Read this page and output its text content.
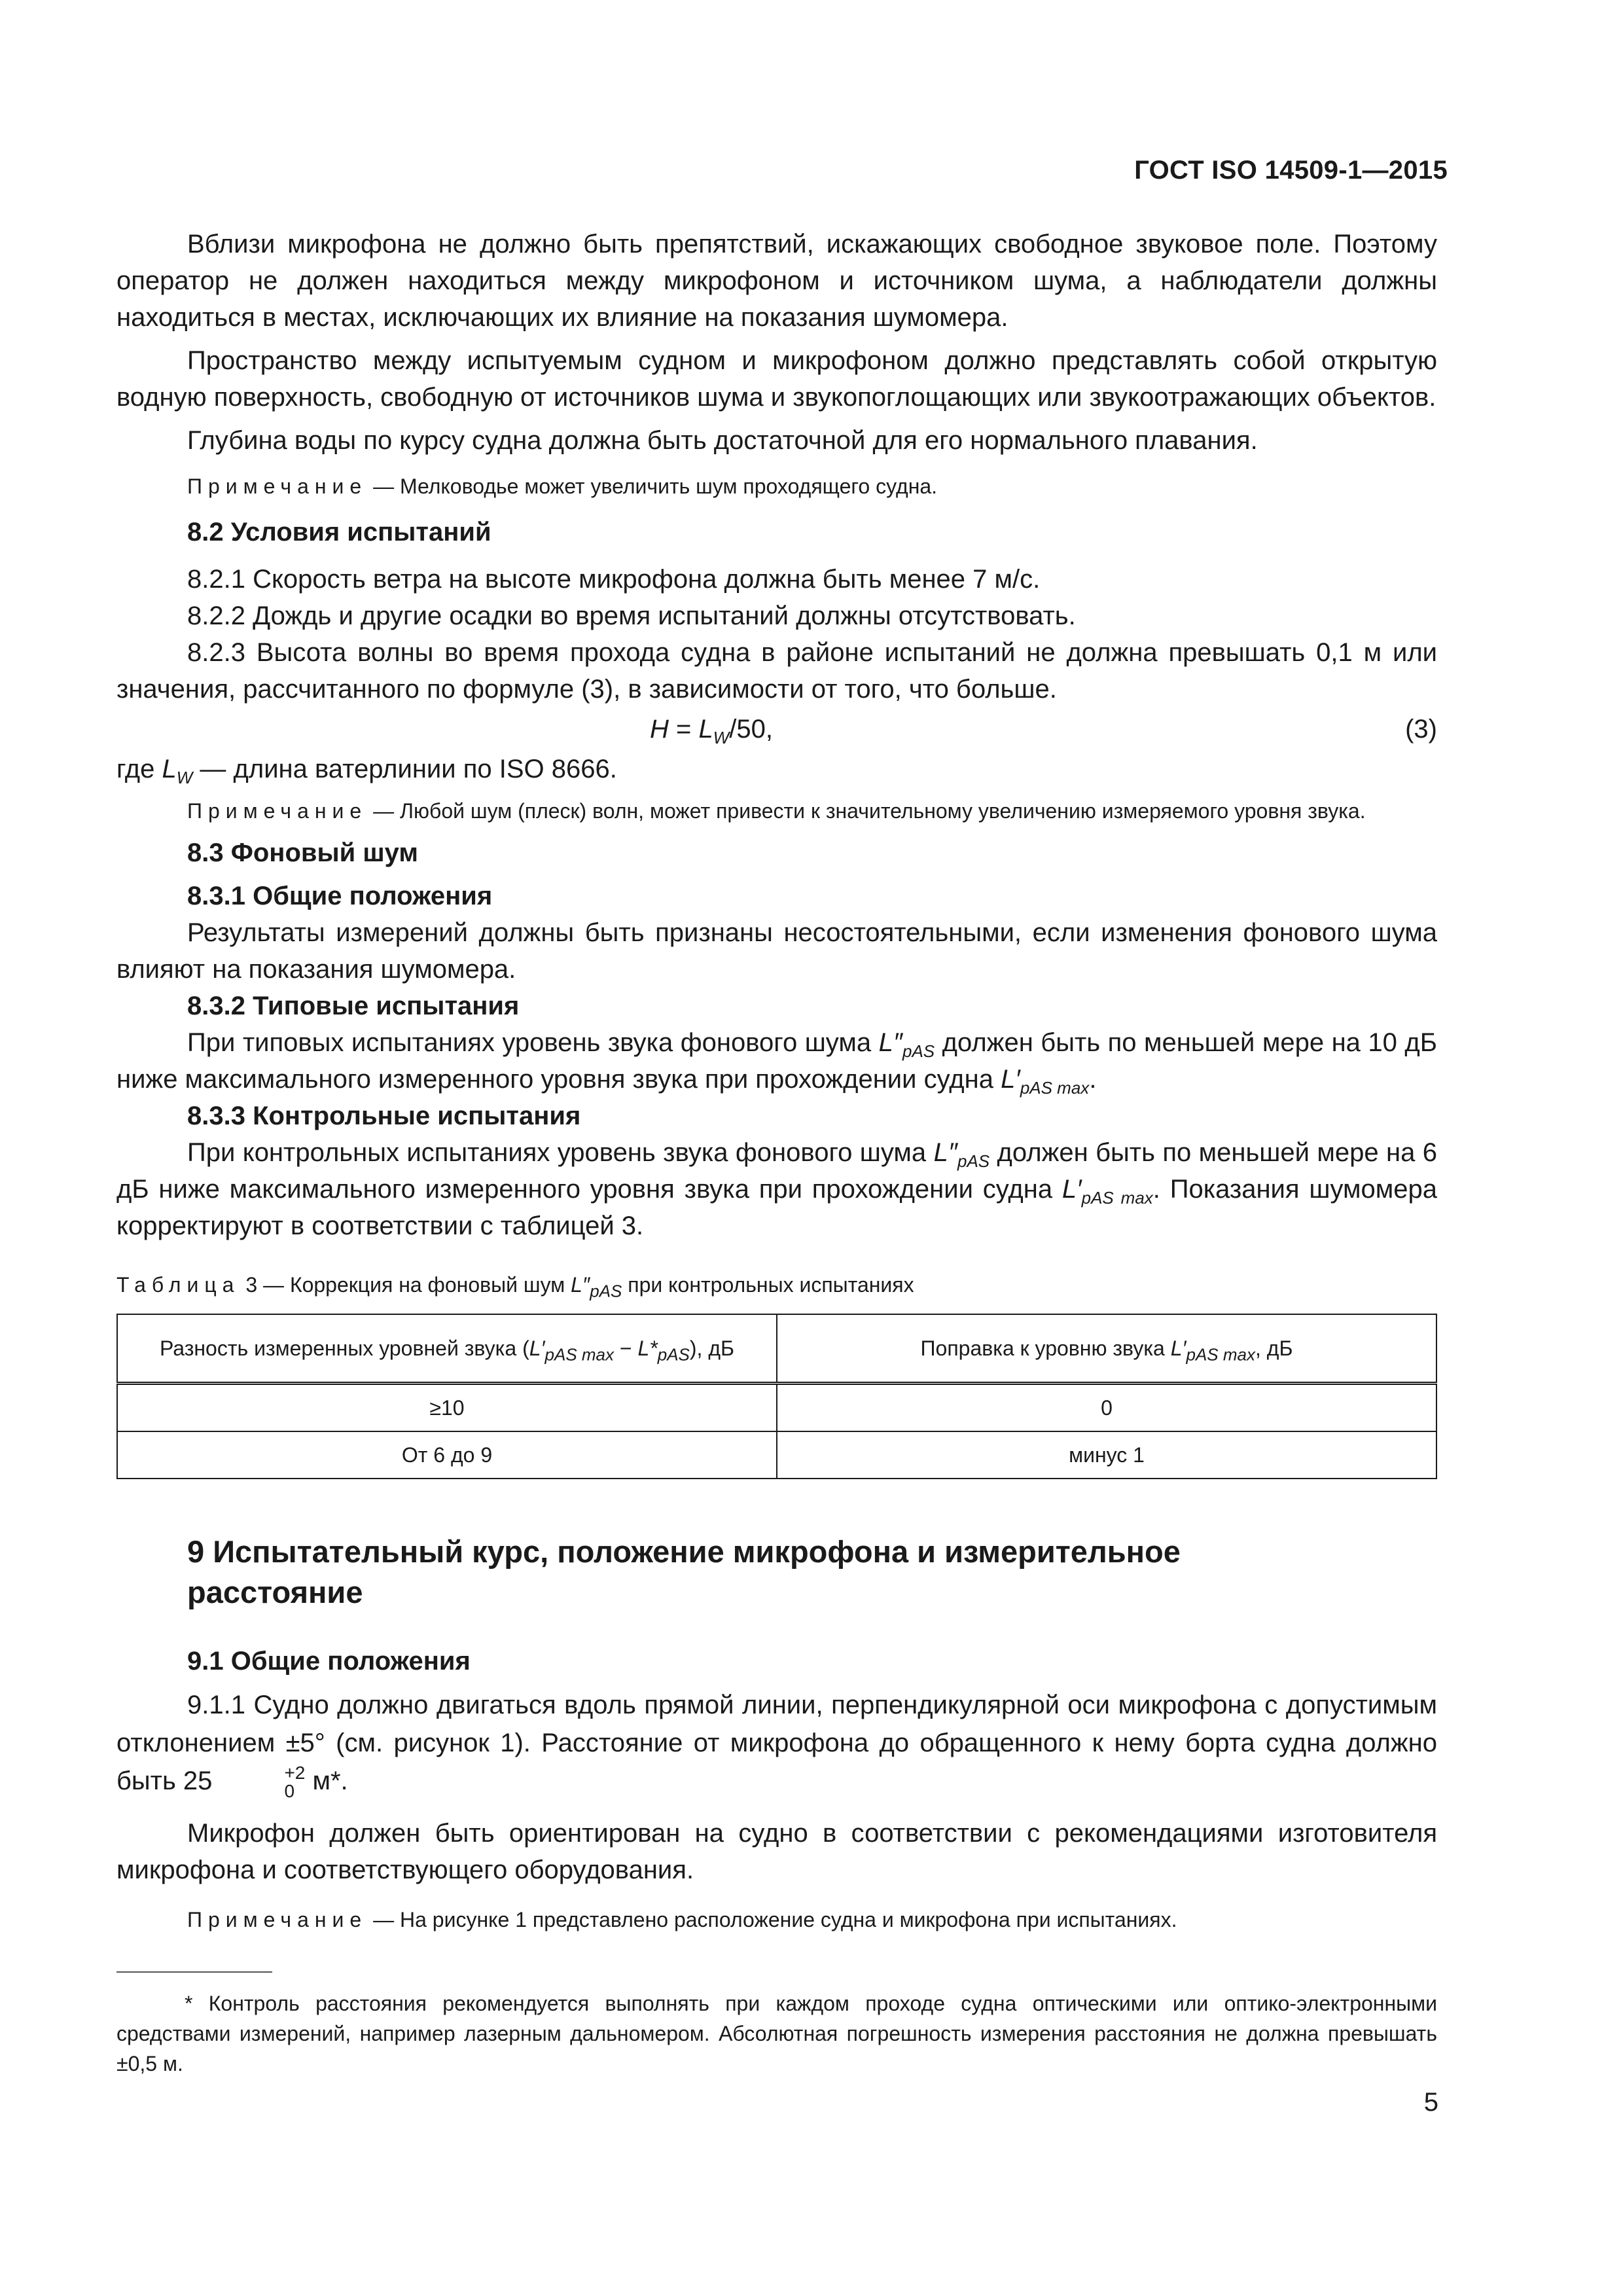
ГОСТ ISO 14509-1—2015

Вблизи микрофона не должно быть препятствий, искажающих свободное звуковое поле. Поэтому оператор не должен находиться между микрофоном и источником шума, а наблюдатели должны находиться в местах, исключающих их влияние на показания шумомера.

Пространство между испытуемым судном и микрофоном должно представлять собой открытую водную поверхность, свободную от источников шума и звукопоглощающих или звукоотражающих объектов.

Глубина воды по курсу судна должна быть достаточной для его нормального плавания.

Примечание — Мелководье может увеличить шум проходящего судна.

8.2 Условия испытаний

8.2.1 Скорость ветра на высоте микрофона должна быть менее 7 м/с.

8.2.2 Дождь и другие осадки во время испытаний должны отсутствовать.

8.2.3 Высота волны во время прохода судна в районе испытаний не должна превышать 0,1 м или значения, рассчитанного по формуле (3), в зависимости от того, что больше.

$H = L_W/50$,	(3)

где $L_W$ — длина ватерлинии по ISO 8666.

Примечание — Любой шум (плеск) волн, может привести к значительному увеличению измеряемого уровня звука.

8.3 Фоновый шум

8.3.1 Общие положения

Результаты измерений должны быть признаны несостоятельными, если изменения фонового шума влияют на показания шумомера.

8.3.2 Типовые испытания

При типовых испытаниях уровень звука фонового шума $L''_{pAS}$ должен быть по меньшей мере на 10 дБ ниже максимального измеренного уровня звука при прохождении судна $L'_{pAS max}$.

8.3.3 Контрольные испытания

При контрольных испытаниях уровень звука фонового шума $L''_{pAS}$ должен быть по меньшей мере на 6 дБ ниже максимального измеренного уровня звука при прохождении судна $L'_{pAS max}$. Показания шумомера корректируют в соответствии с таблицей 3.

Таблица 3 — Коррекция на фоновый шум $L''_{pAS}$ при контрольных испытаниях

Разность измеренных уровней звука $(L'_{pAS max} - L*_{pAS})$, дБ	Поправка к уровню звука $L'_{pAS max}$, дБ
≥10	0
От 6 до 9	минус 1

9 Испытательный курс, положение микрофона и измерительное
расстояние

9.1 Общие положения

9.1.1 Судно должно двигаться вдоль прямой линии, перпендикулярной оси микрофона с допустимым отклонением ±5° (см. рисунок 1). Расстояние от микрофона до обращенного к нему борта судна должно быть 25	+2
0 м*.

Микрофон должен быть ориентирован на судно в соответствии с рекомендациями изготовителя микрофона и соответствующего оборудования.

Примечание — На рисунке 1 представлено расположение судна и микрофона при испытаниях.

* Контроль расстояния рекомендуется выполнять при каждом проходе судна оптическими или оптико-электронными средствами измерений, например лазерным дальномером. Абсолютная погрешность измерения расстояния не должна превышать ±0,5 м.
5
